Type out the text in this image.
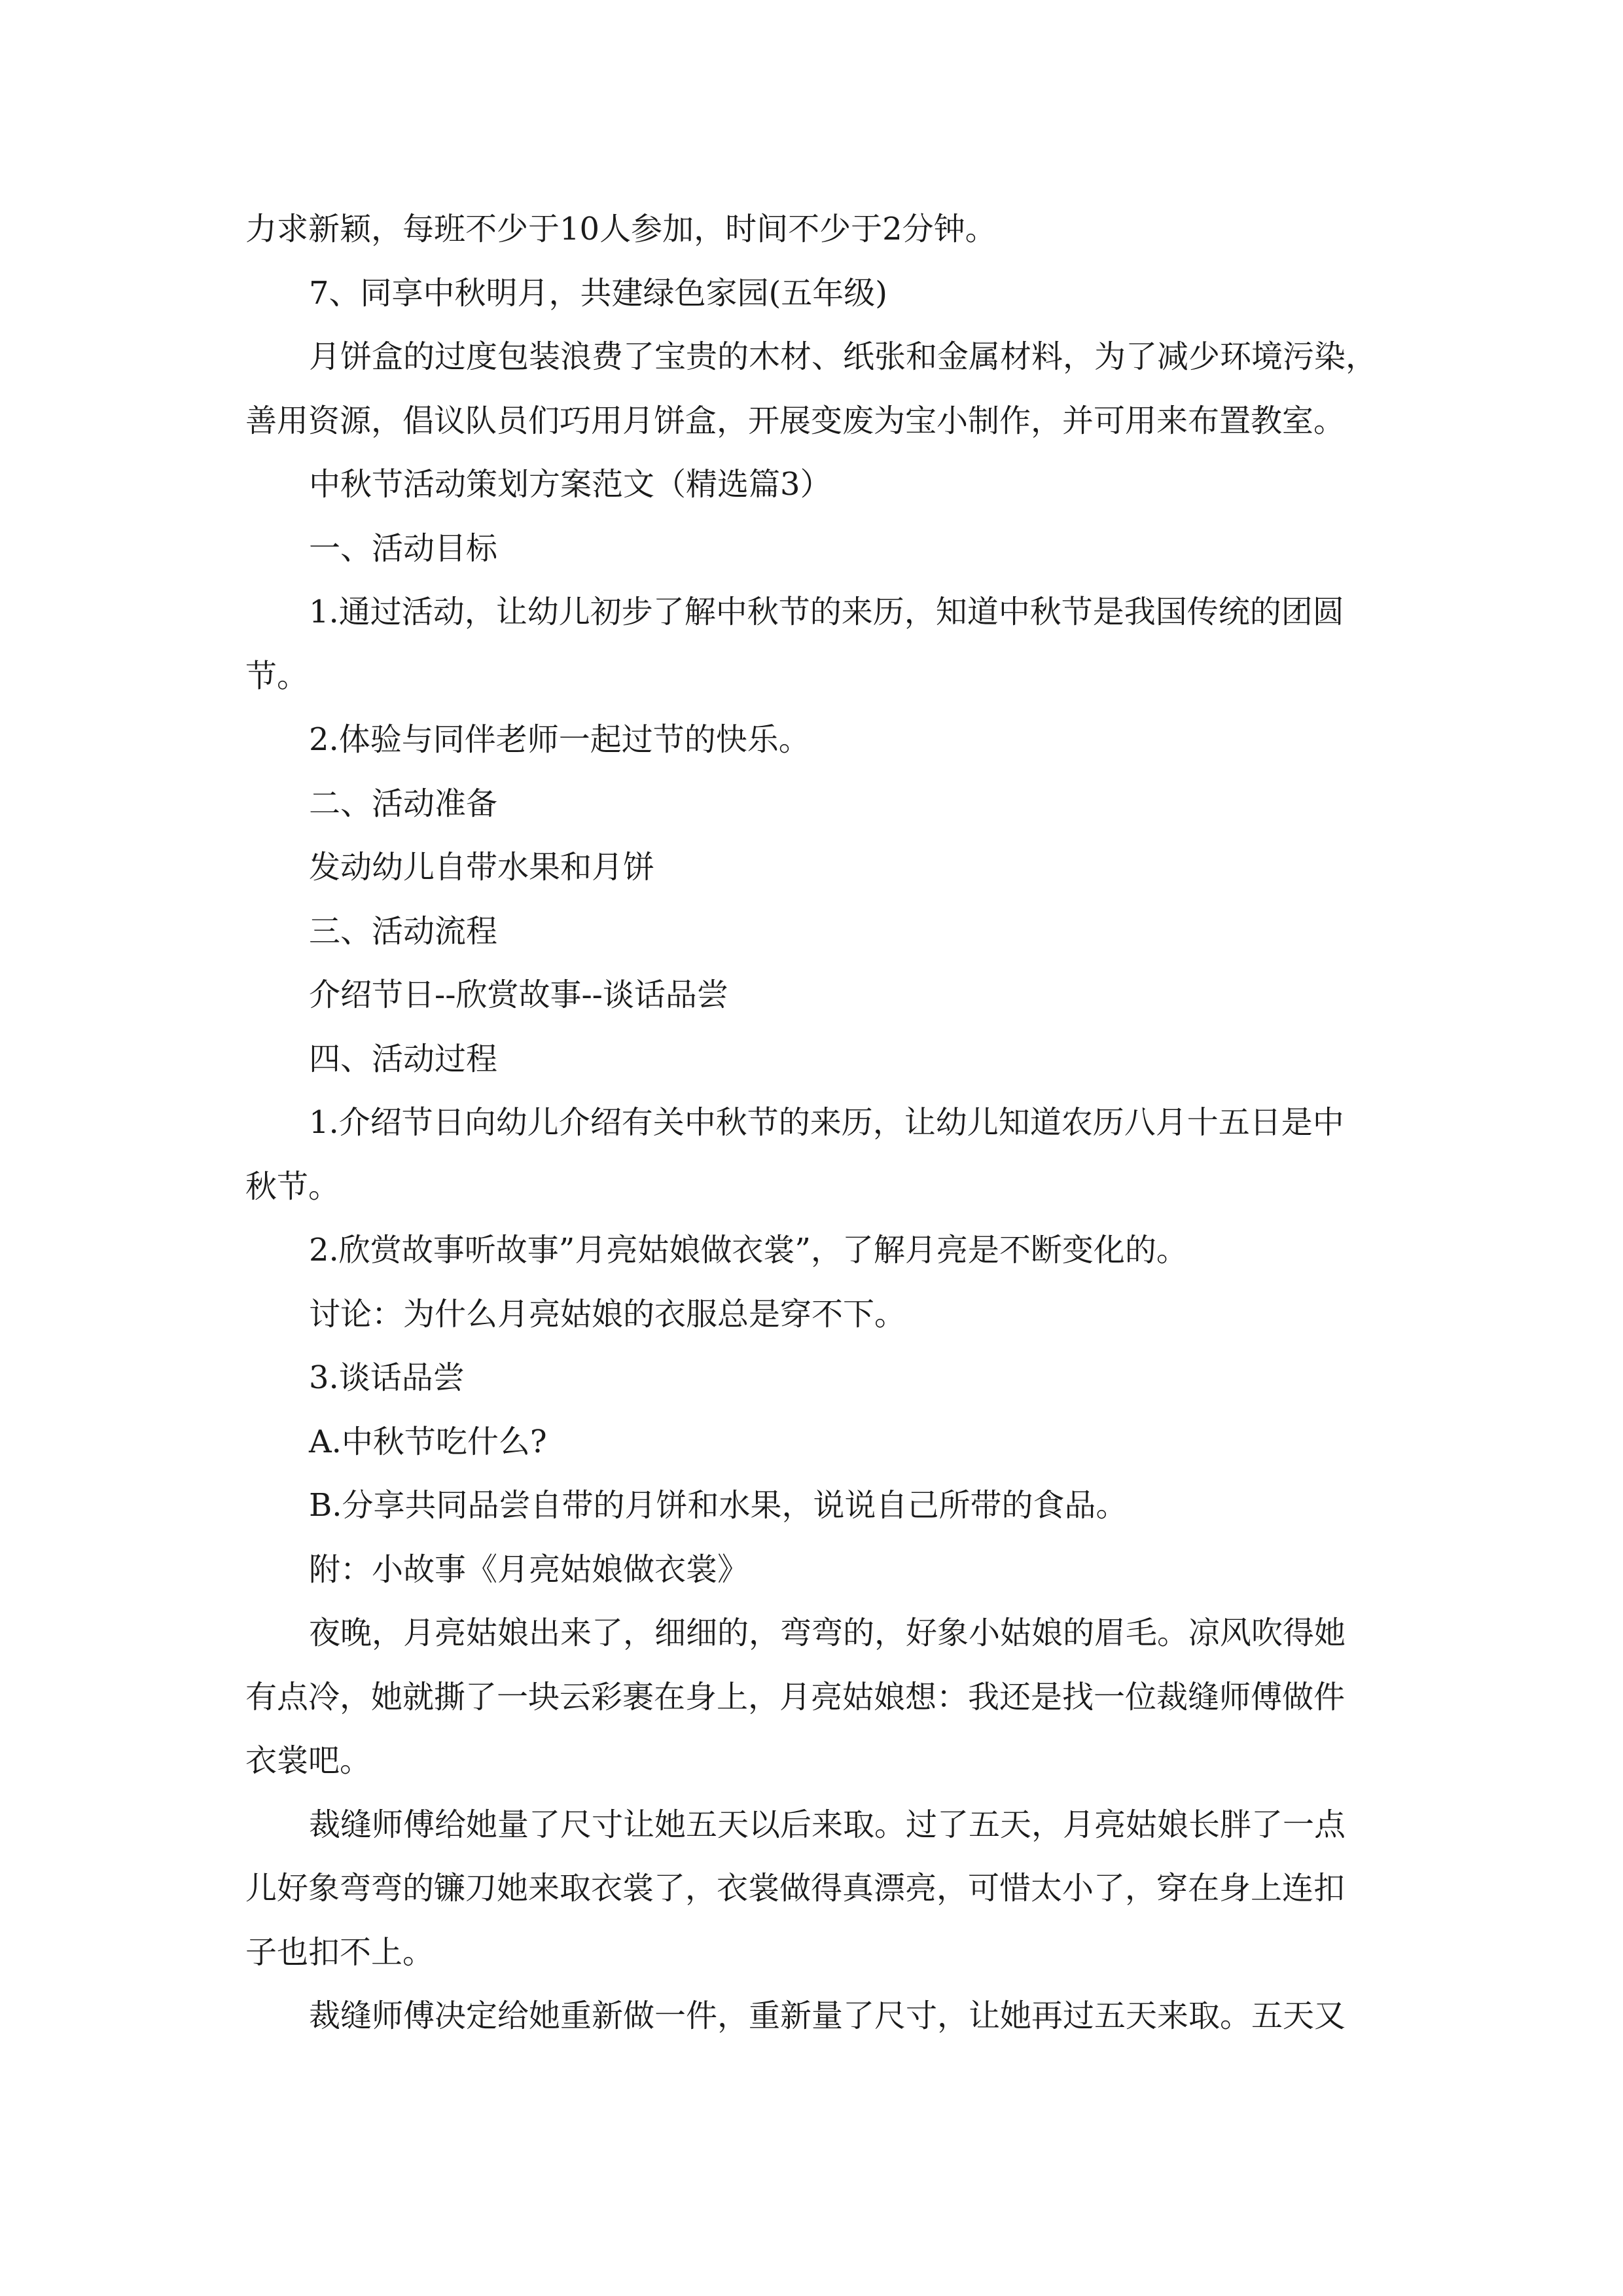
力求新颖，每班不少于10人参加，时间不少于2分钟。
7、同享中秋明月，共建绿色家园(五年级)
月饼盒的过度包装浪费了宝贵的木材、纸张和金属材料，为了减少环境污染，
善用资源，倡议队员们巧用月饼盒，开展变废为宝小制作，并可用来布置教室。
中秋节活动策划方案范文（精选篇3）
一、活动目标
1.通过活动，让幼儿初步了解中秋节的来历，知道中秋节是我国传统的团圆
节。
2.体验与同伴老师一起过节的快乐。
二、活动准备
发动幼儿自带水果和月饼
三、活动流程
介绍节日--欣赏故事--谈话品尝
四、活动过程
1.介绍节日向幼儿介绍有关中秋节的来历，让幼儿知道农历八月十五日是中
秋节。
2.欣赏故事听故事”月亮姑娘做衣裳”，了解月亮是不断变化的。
讨论：为什么月亮姑娘的衣服总是穿不下。
3.谈话品尝
A.中秋节吃什么?
B.分享共同品尝自带的月饼和水果，说说自己所带的食品。
附：小故事《月亮姑娘做衣裳》
夜晚，月亮姑娘出来了，细细的，弯弯的，好象小姑娘的眉毛。凉风吹得她
有点冷，她就撕了一块云彩裹在身上，月亮姑娘想：我还是找一位裁缝师傅做件
衣裳吧。
裁缝师傅给她量了尺寸让她五天以后来取。过了五天，月亮姑娘长胖了一点
儿好象弯弯的镰刀她来取衣裳了，衣裳做得真漂亮，可惜太小了，穿在身上连扣
子也扣不上。
裁缝师傅决定给她重新做一件，重新量了尺寸，让她再过五天来取。五天又
